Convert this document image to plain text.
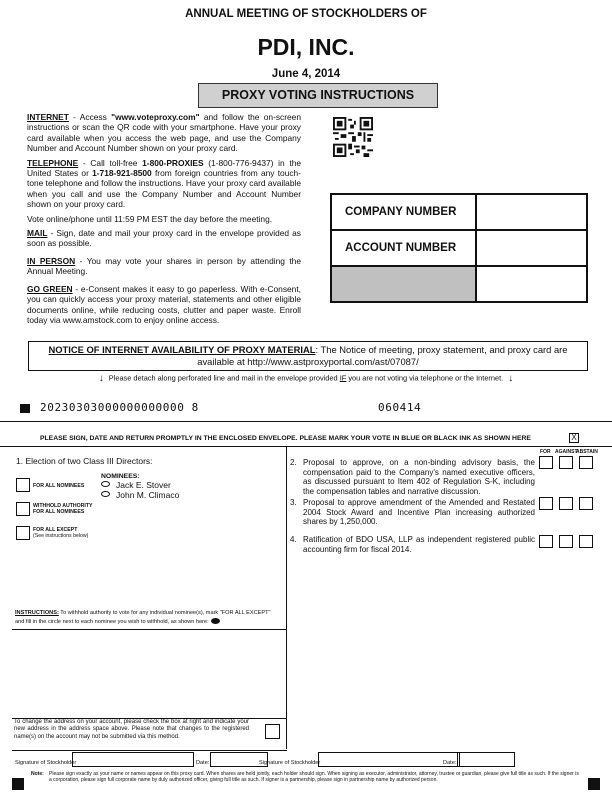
ANNUAL MEETING OF STOCKHOLDERS OF
PDI, INC.
June 4, 2014
PROXY VOTING INSTRUCTIONS

INTERNET - Access "www.voteproxy.com" and follow the on-screen instructions or scan the QR code with your smartphone. Have your proxy card available when you access the web page, and use the Company Number and Account Number shown on your proxy card.

TELEPHONE - Call toll-free 1-800-PROXIES (1-800-776-9437) in the United States or 1-718-921-8500 from foreign countries from any touch-tone telephone and follow the instructions. Have your proxy card available when you call and use the Company Number and Account Number shown on your proxy card.

Vote online/phone until 11:59 PM EST the day before the meeting.

MAIL - Sign, date and mail your proxy card in the envelope provided as soon as possible.

IN PERSON - You may vote your shares in person by attending the Annual Meeting.

GO GREEN - e-Consent makes it easy to go paperless. With e-Consent, you can quickly access your proxy material, statements and other eligible documents online, while reducing costs, clutter and paper waste. Enroll today via www.amstock.com to enjoy online access.

COMPANY NUMBER
ACCOUNT NUMBER
NOTICE OF INTERNET AVAILABILITY OF PROXY MATERIAL: The Notice of meeting, proxy statement, and proxy card are available at http://www.astproxyportal.com/ast/07087/
↓ Please detach along perforated line and mail in the envelope provided IF you are not voting via telephone or the Internet. ↓
20230303000000000000 8	060414
PLEASE SIGN, DATE AND RETURN PROMPTLY IN THE ENCLOSED ENVELOPE. PLEASE MARK YOUR VOTE IN BLUE OR BLACK INK AS SHOWN HERE	X
1. Election of two Class III Directors:
NOMINEES:
Jack E. Stover
John M. Climaco
FOR ALL NOMINEES
WITHHOLD AUTHORITY
FOR ALL NOMINEES
FOR ALL EXCEPT
(See instructions below)
FOR AGAINST
ABSTAIN
2. Proposal to approve, on a non-binding advisory basis, the compensation paid to the Company's named executive officers, as discussed pursuant to Item 402 of Regulation S-K, including the compensation tables and narrative discussion.
3. Proposal to approve amendment of the Amended and Restated 2004 Stock Award and Incentive Plan increasing authorized shares by 1,250,000.
4. Ratification of BDO USA, LLP as independent registered public accounting firm for fiscal 2014.
INSTRUCTIONS: To withhold authority to vote for any individual nominee(s), mark "FOR ALL EXCEPT" and fill in the circle next to each nominee you wish to withhold, as shown here:
To change the address on your account, please check the box at right and indicate your new address in the address space above. Please note that changes to the registered name(s) on the account may not be submitted via this method.
Signature of Stockholder	Date:	Signature of Stockholder	Date:
Note: Please sign exactly as your name or names appear on this proxy card. When shares are held jointly, each holder should sign. When signing as executor, administrator, attorney, trustee or guardian, please give full title as such. If the signer is a corporation, please sign full corporate name by duly authorized officer, giving full title as such. If signer is a partnership, please sign in partnership name by authorized person.
